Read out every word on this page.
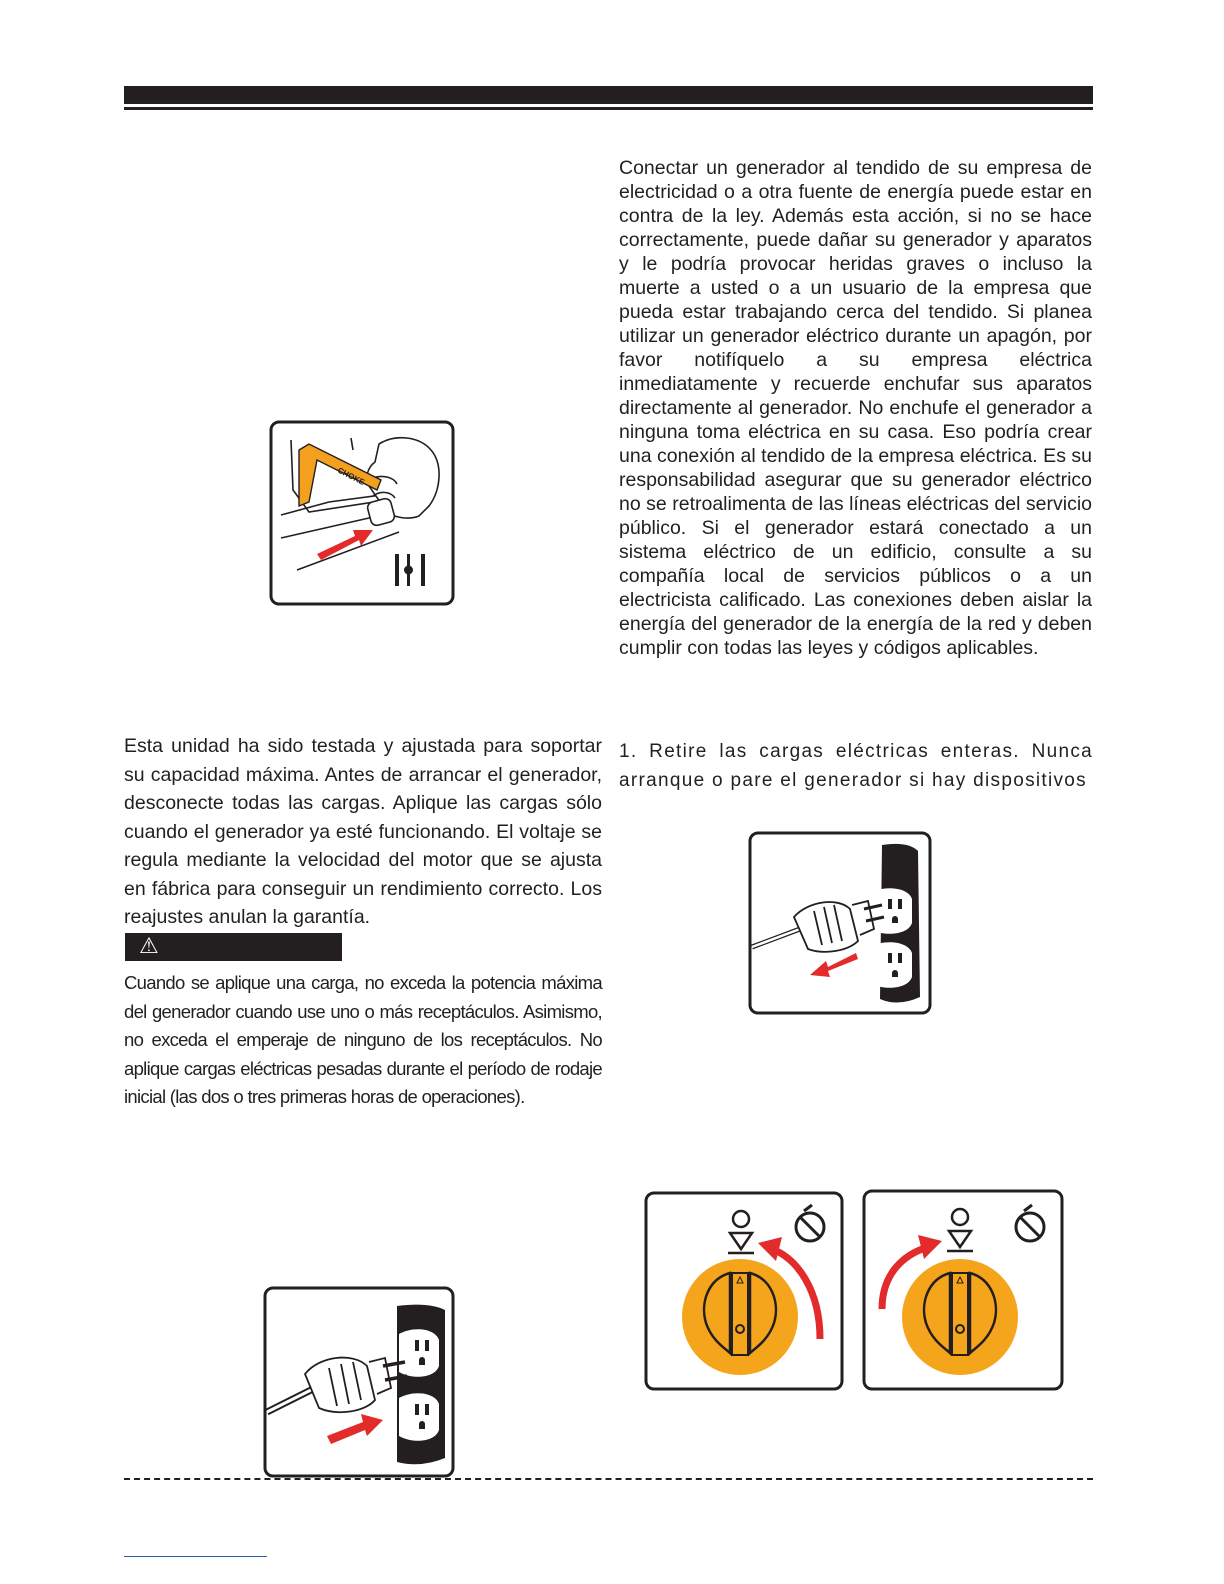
CHOKE
Conectar un generador al tendido de su empresa de electricidad o a otra fuente de energía puede estar en contra de la ley. Además esta acción, si no se hace correctamente, puede dañar su generador y aparatos y le podría provocar heridas graves o incluso la muerte a usted o a un usuario de la empresa que pueda estar trabajando cerca del tendido. Si planea utilizar un generador eléctrico durante un apagón, por favor notifíquelo a su empresa eléctrica inmediatamente y recuerde enchufar sus aparatos directamente al generador. No enchufe el generador a ninguna toma eléctrica en su casa. Eso podría crear una conexión al tendido de la empresa eléctrica. Es su responsabilidad asegurar que su generador eléctrico no se retroalimenta de las líneas eléctricas del servicio público. Si el generador estará conectado a un sistema eléctrico de un edificio, consulte a su compañía local de servicios públicos o a un electricista calificado. Las conexiones deben aislar la energía del generador de la energía de la red y deben cumplir con todas las leyes y códigos aplicables.
Esta unidad ha sido testada y ajustada para soportar su capacidad máxima. Antes de arrancar el generador, desconecte todas las cargas. Aplique las cargas sólo cuando el generador ya esté funcionando. El voltaje se regula mediante la velocidad del motor que se ajusta en fábrica para conseguir un rendimiento correcto. Los reajustes anulan la garantía.
⚠
Cuando se aplique una carga, no exceda la potencia máxima del generador cuando use uno o más receptáculos. Asimismo, no exceda el emperaje de ninguno de los receptáculos. No aplique cargas eléctricas pesadas durante el período de rodaje inicial (las dos o tres primeras horas de operaciones).
1. Retire las cargas eléctricas enteras. Nunca arranque o pare el generador si hay dispositivos
